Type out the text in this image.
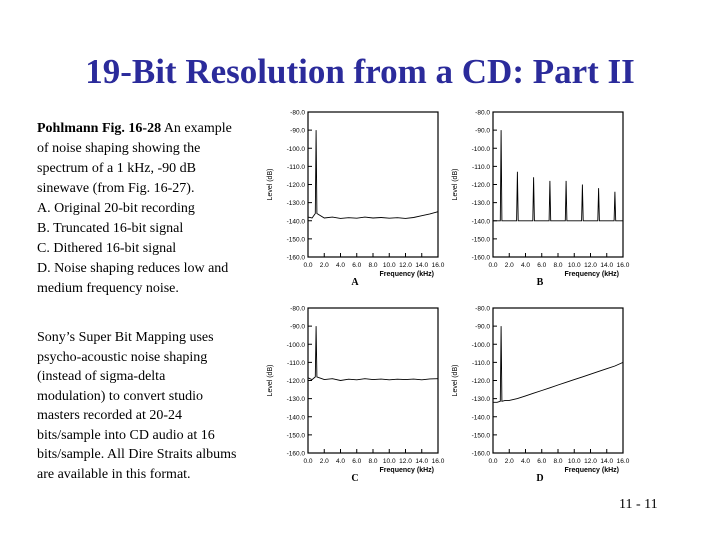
19-Bit Resolution from a CD: Part II

Pohlmann Fig. 16-28 An example of noise shaping showing the spectrum of a 1 kHz, -90 dB sinewave (from Fig. 16-27).

A. Original 20-bit recording

B. Truncated 16-bit signal

C. Dithered 16-bit signal

D. Noise shaping reduces low and medium frequency noise.

Sony’s Super Bit Mapping uses psycho-acoustic noise shaping (instead of sigma-delta modulation) to convert studio masters recorded at 20-24 bits/sample into CD audio at 16 bits/sample. All Dire Straits albums are available in this format.
-80.0
-90.0
-100.0
-110.0
-120.0
-130.0
-140.0
-150.0
-160.0
0.0 2.0 4.0 6.0 8.0 10.0 12.0 14.0 16.0
Frequency (kHz)
Level (dB)
A
-80.0
-90.0
-100.0
-110.0
-120.0
-130.0
-140.0
-150.0
-160.0
0.0 2.0 4.0 6.0 8.0 10.0 12.0 14.0 16.0
Frequency (kHz)
Level (dB)
B
-80.0
-90.0
-100.0
-110.0
-120.0
-130.0
-140.0
-150.0
-160.0
0.0 2.0 4.0 6.0 8.0 10.0 12.0 14.0 16.0
Frequency (kHz)
Level (dB)
C
-80.0
-90.0
-100.0
-110.0
-120.0
-130.0
-140.0
-150.0
-160.0
0.0 2.0 4.0 6.0 8.0 10.0 12.0 14.0 16.0
Frequency (kHz)
Level (dB)
D
11 - 11
